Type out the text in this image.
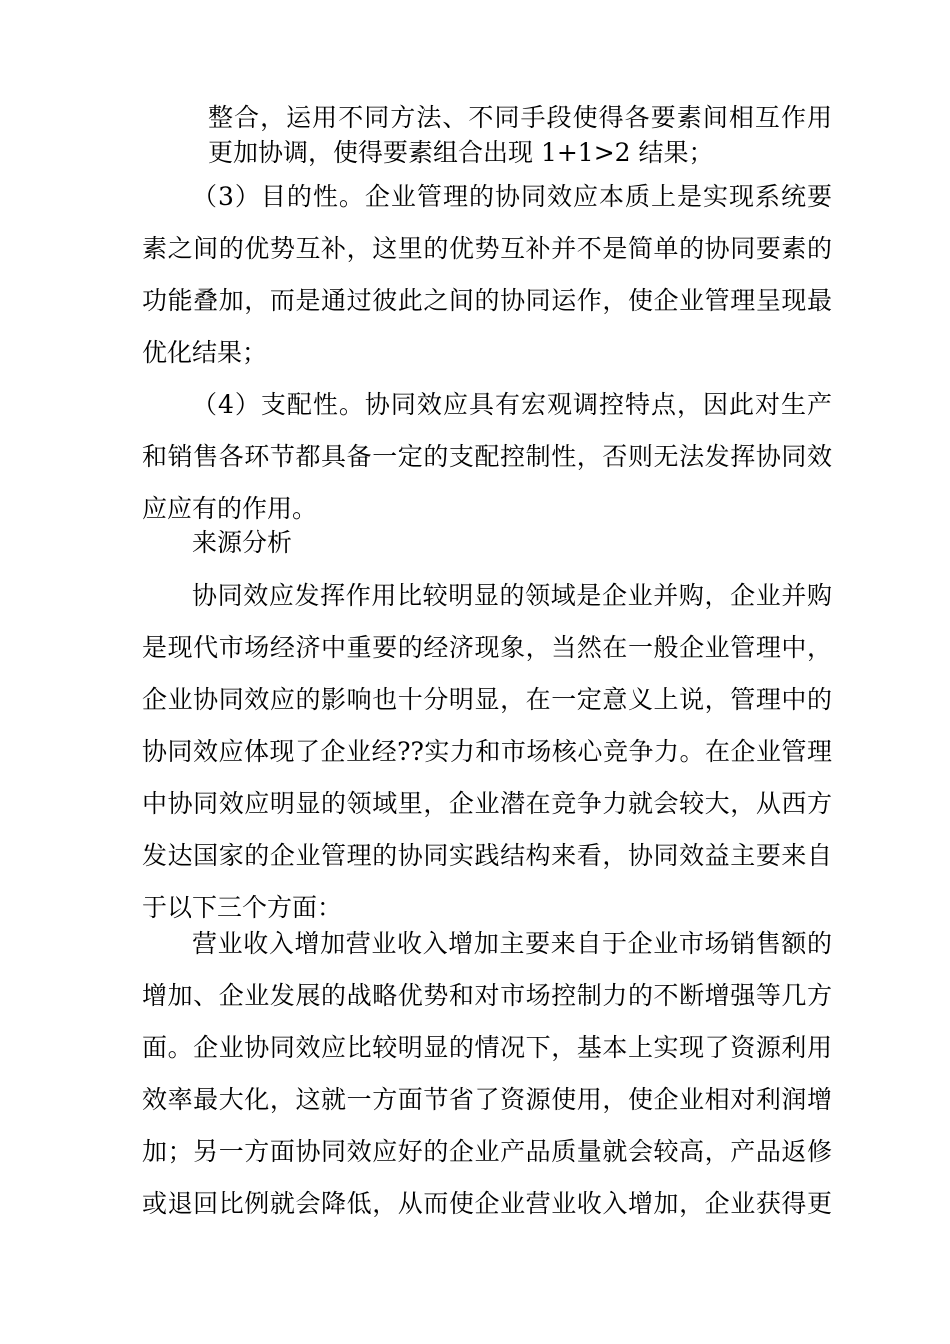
整合，运用不同方法、不同手段使得各要素间相互作用
更加协调，使得要素组合出现 1+1>2 结果；
（3）目的性。企业管理的协同效应本质上是实现系统要
素之间的优势互补，这里的优势互补并不是简单的协同要素的
功能叠加，而是通过彼此之间的协同运作，使企业管理呈现最
优化结果；
（4）支配性。协同效应具有宏观调控特点，因此对生产
和销售各环节都具备一定的支配控制性，否则无法发挥协同效
应应有的作用。
来源分析
协同效应发挥作用比较明显的领域是企业并购，企业并购
是现代市场经济中重要的经济现象，当然在一般企业管理中，
企业协同效应的影响也十分明显，在一定意义上说，管理中的
协同效应体现了企业经??实力和市场核心竞争力。在企业管理
中协同效应明显的领域里，企业潜在竞争力就会较大，从西方
发达国家的企业管理的协同实践结构来看，协同效益主要来自
于以下三个方面：
营业收入增加营业收入增加主要来自于企业市场销售额的
增加、企业发展的战略优势和对市场控制力的不断增强等几方
面。企业协同效应比较明显的情况下，基本上实现了资源利用
效率最大化，这就一方面节省了资源使用，使企业相对利润增
加；另一方面协同效应好的企业产品质量就会较高，产品返修
或退回比例就会降低，从而使企业营业收入增加，企业获得更
